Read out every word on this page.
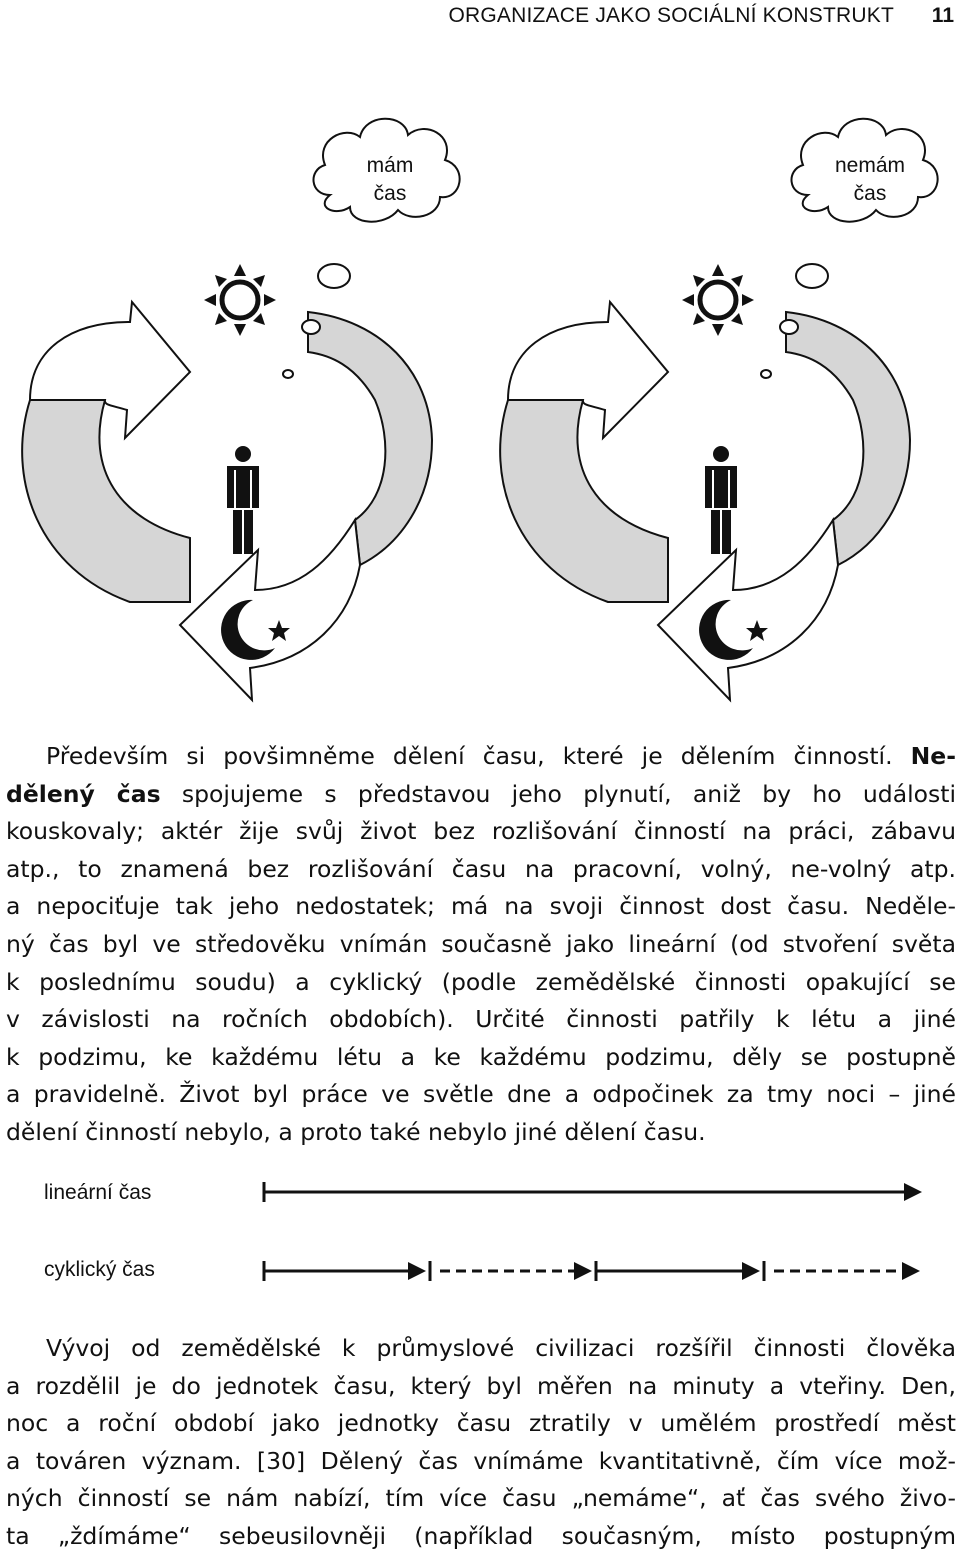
ORGANIZACE JAKO SOCIÁLNÍ KONSTRUKT 11
mám
čas
nemám
čas
Především si povšimněme dělení času, které je dělením činností. Ne-
dělený čas spojujeme s představou jeho plynutí, aniž by ho události
kouskovaly; aktér žije svůj život bez rozlišování činností na práci, zábavu
atp., to znamená bez rozlišování času na pracovní, volný, ne-volný atp.
a nepociťuje tak jeho nedostatek; má na svoji činnost dost času. Neděle-
ný čas byl ve středověku vnímán současně jako lineární (od stvoření světa
k poslednímu soudu) a cyklický (podle zemědělské činnosti opakující se
v závislosti na ročních obdobích). Určité činnosti patřily k létu a jiné
k podzimu, ke každému létu a ke každému podzimu, děly se postupně
a pravidelně. Život byl práce ve světle dne a odpočinek za tmy noci – jiné
dělení činností nebylo, a proto také nebylo jiné dělení času.
lineární čas
cyklický čas
Vývoj od zemědělské k průmyslové civilizaci rozšířil činnosti člověka
a rozdělil je do jednotek času, který byl měřen na minuty a vteřiny. Den,
noc a roční období jako jednotky času ztratily v umělém prostředí měst
a továren význam. [30] Dělený čas vnímáme kvantitativně, čím více mož-
ných činností se nám nabízí, tím více času „nemáme“, ať čas svého živo-
ta „ždímáme“ sebeusilovněji (například současným, místo postupným
